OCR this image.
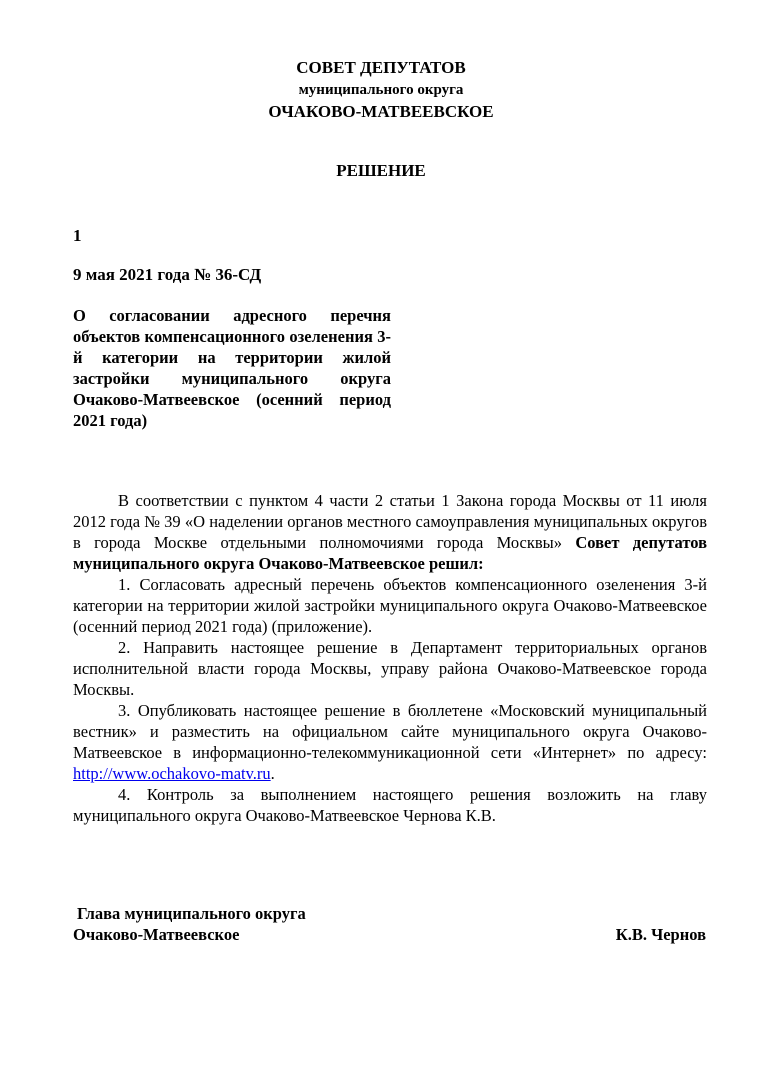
СОВЕТ ДЕПУТАТОВ
муниципального округа
ОЧАКОВО-МАТВЕЕВСКОЕ
РЕШЕНИЕ
1
9 мая 2021 года № 36-СД
О согласовании адресного перечня объектов компенсационного озеленения 3-й категории на территории жилой застройки муниципального округа Очаково-Матвеевское (осенний период 2021 года)

В соответствии с пунктом 4 части 2 статьи 1 Закона города Москвы от 11 июля 2012 года № 39 «О наделении органов местного самоуправления муниципальных округов в города Москве отдельными полномочиями города Москвы» Совет депутатов муниципального округа Очаково-Матвеевское решил:

1. Согласовать адресный перечень объектов компенсационного озеленения 3-й категории на территории жилой застройки муниципального округа Очаково-Матвеевское (осенний период 2021 года) (приложение).

2. Направить настоящее решение в Департамент территориальных органов исполнительной власти города Москвы, управу района Очаково-Матвеевское города Москвы.

3. Опубликовать настоящее решение в бюллетене «Московский муниципальный вестник» и разместить на официальном сайте муниципального округа Очаково-Матвеевское в информационно-телекоммуникационной сети «Интернет» по адресу: http://www.ochakovo-matv.ru.

4. Контроль за выполнением настоящего решения возложить на главу муниципального округа Очаково-Матвеевское Чернова К.В.

Глава муниципального округа
Очаково-Матвеевское	К.В. Чернов
